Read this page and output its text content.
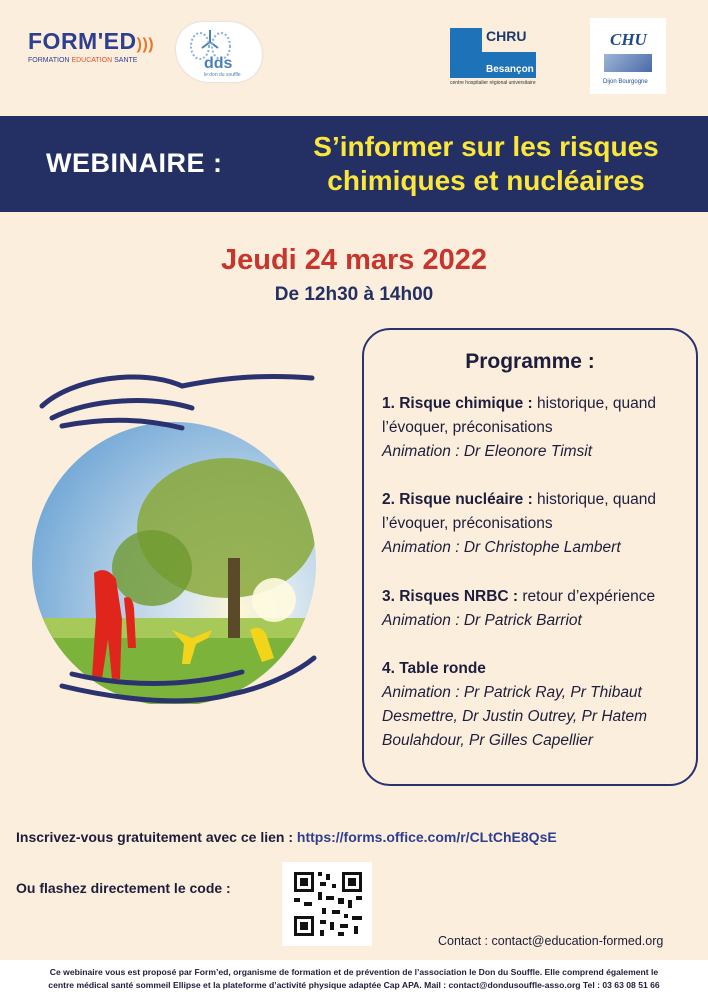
FORM'ED)))
FORMATION EDUCATION SANTE	dds
le don du souffle
CHRU
Besançon
centre hospitalier régional universitaire
CHU
Dijon Bourgogne
WEBINAIRE :
S’informer sur les risques
chimiques et nucléaires
Jeudi 24 mars 2022
De 12h30 à 14h00
Programme :
1. Risque chimique : historique, quand l’évoquer, préconisations
Animation : Dr Eleonore Timsit
2. Risque nucléaire : historique, quand l’évoquer, préconisations
Animation : Dr Christophe Lambert
3. Risques NRBC : retour d’expérience
Animation : Dr Patrick Barriot
4. Table ronde
Animation : Pr Patrick Ray, Pr Thibaut Desmettre, Dr Justin Outrey, Pr Hatem Boulahdour, Pr Gilles Capellier
Inscrivez-vous gratuitement avec ce lien : https://forms.office.com/r/CLtChE8QsE
Ou flashez directement le code :
Contact : contact@education-formed.org
Ce webinaire vous est proposé par Form’ed, organisme de formation et de prévention de l’association le Don du Souffle. Elle comprend également le
centre médical santé sommeil Ellipse et la plateforme d’activité physique adaptée Cap APA. Mail : contact@dondusouffle-asso.org Tel : 03 63 08 51 66
